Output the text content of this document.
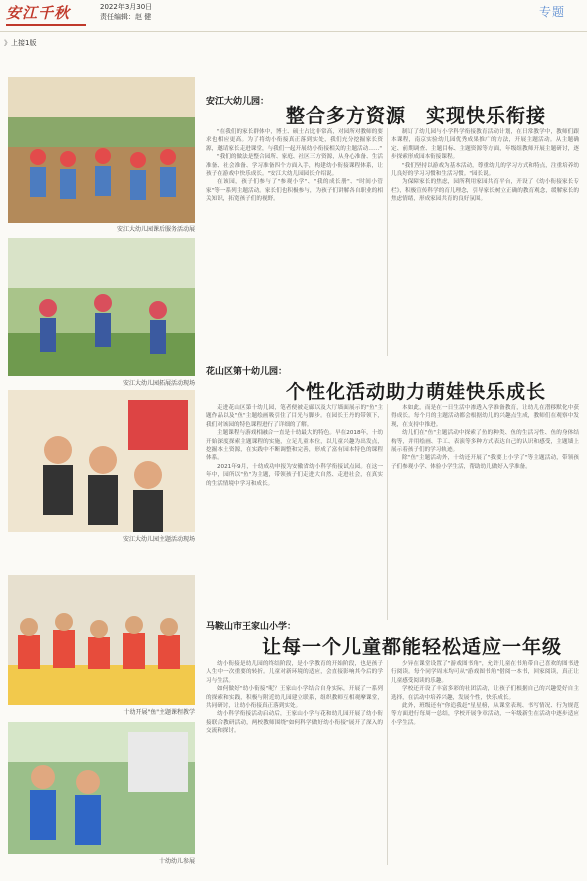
安江千秋	2022年3月30日
责任编辑：赵 健	专题
》上接1版
安江大幼儿园课后服务活动展
安江大幼儿园拓展活动现场
安江大幼儿园主题活动现场
十幼开展"鱼"主题课程教学
十幼幼儿参展
安江大幼儿园：
整合多方资源　实现快乐衔接

"在我们的家长群体中，博士、硕士占比非常高，对园所对教师的要求也相应更高。为了将幼小衔接真正落到实处，我们充分挖掘家长资源，邀请家长走进课堂，与我们一起开展幼小衔接相关的主题活动……"

"我们的做法是整合园所、家庭、社区三方资源，从身心准备、生活准备、社会准备、学习准备四个方面入手，构建幼小衔接课程体系，让孩子在游戏中快乐成长。"安江大幼儿园园长介绍说。

在该园，孩子们参与了"参观小学"、"我的成长册"、"时间小管家"等一系列主题活动。家长们也积极参与，为孩子们讲解各自职业的相关知识，拓宽孩子们的视野。

制订了幼儿园与小学科学衔接教育活动计划，在日常教学中，教师们跟本课程，南京实验幼儿园优秀成果推广的方法，开展主题活动。从主题确定、前期调查、主题目标、主题资源等方面，年级组教师开展主题研讨，逐步探索形成园本衔接课程。

"我们坚持以游戏为基本活动，尊重幼儿的学习方式和特点，注重培养幼儿良好的学习习惯和生活习惯。"园长说。

为保障家长的焦虑，园所利用家园共育平台，开设了《幼小衔接家长专栏》，积极宣传科学的育儿理念，引导家长树立正确的教育观念，缓解家长的焦虑情绪，形成家园共育的良好氛围。

花山区第十幼儿园：
个性化活动助力萌娃快乐成长

走进花山区第十幼儿园，笔者便被走廊以及大厅墙面展示的"鱼"主题作品以及"鱼"主题绘画吸引住了目光与脚步。在园长王丹的带领下，我们对该园的特色课程进行了详细的了解。

主题课程与游戏相融合一直是十幼最大的特色。早在2018年，十幼开始深度探索主题课程的实施，立足儿童本位，以儿童兴趣为出发点，挖掘本土资源，在实践中不断调整和完善，形成了富有园本特色的课程体系。

2021年9月，十幼成功申报为安徽省幼小科学衔接试点园。在这一年中，园所以"鱼"为主题，带领孩子们走进大自然、走进社会，在真实的生活情境中学习和成长。

本如此，而是在一日生活中渗透入学准备教育，让幼儿在潜移默化中获得成长。每个月的主题活动都会根据幼儿的兴趣点生成，教师们在观察中发现，在支持中推进。

幼儿们在"鱼"主题活动中探索了鱼的种类、鱼的生活习性、鱼的身体结构等，并用绘画、手工、表演等多种方式表达自己的认识和感受，主题墙上展示着孩子们的学习轨迹。

除"鱼"主题活动外，十幼还开展了"我要上小学了"等主题活动，带领孩子们参观小学、体验小学生活，帮助幼儿做好入学准备。

马鞍山市王家山小学：
让每一个儿童都能轻松适应一年级

幼小衔接是幼儿园的终结阶段，是小学教育的开始阶段，也是孩子人生中一次重要的转折。儿童对新环境的适应，会直接影响其今后的学习与生活。

如何做好"幼小衔接"呢？王家山小学结合自身实际，开展了一系列的探索和实践，积极与附近幼儿园建立联系，组织教师互相观摩课堂，共同研讨，让幼小衔接真正落到实处。

幼小科学衔接活动启动后，王家山小学与花和幼儿园开展了幼小衔接联合教研活动，两校教师围绕"如何科学做好幼小衔接"展开了深入的交流和探讨。

少异在课堂设置了"游戏图书角"，允许儿童在书角带自己喜欢的图书进行阅读。每个同学周末均可从"游戏图书角"借阅一本书，回家阅读，真正让儿童感受阅读的乐趣。

学校还开设了丰富多彩的社团活动，让孩子们根据自己的兴趣爱好自主选择，在活动中培养兴趣，发展个性，快乐成长。

此外，班级还有"你追我赶"星星榜，从课堂表现、书写情况、行为规范等方面进行每周一总结，学校开展争章活动，一年级新生在活动中逐步适应小学生活。
